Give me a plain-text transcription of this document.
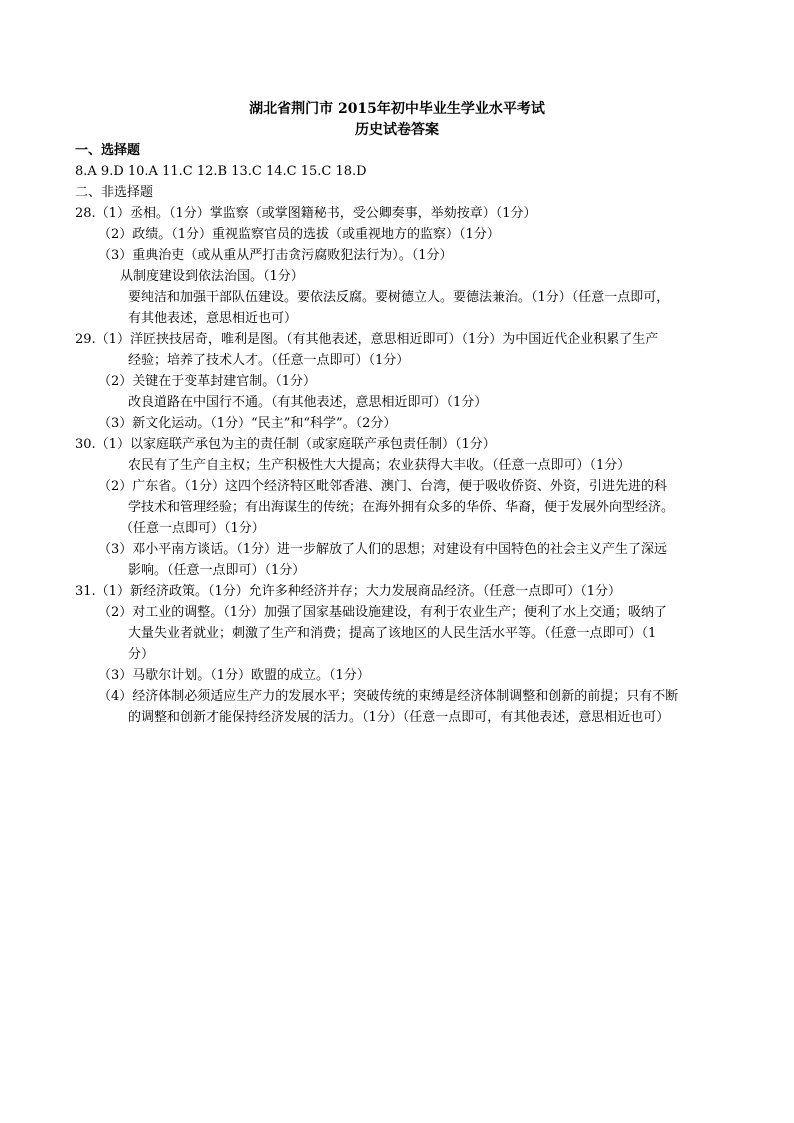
湖北省荆门市 2015年初中毕业生学业水平考试
历史试卷答案
一、选择题
8.A 9.D 10.A 11.C 12.B 13.C 14.C 15.C 18.D
二、非选择题
28.（1）丞相。（1分）掌监察（或掌图籍秘书，受公卿奏事，举劾按章）（1分）
（2）政绩。（1分）重视监察官员的选拔（或重视地方的监察）（1分）
（3）重典治吏（或从重从严打击贪污腐败犯法行为）。（1分）
从制度建设到依法治国。（1分）
要纯洁和加强干部队伍建设。要依法反腐。要树德立人。要德法兼治。（1分）（任意一点即可，
有其他表述，意思相近也可）
29.（1）洋匠挟技居奇，唯利是图。（有其他表述，意思相近即可）（1分）为中国近代企业积累了生产
经验；培养了技术人才。（任意一点即可）（1分）
（2）关键在于变革封建官制。（1分）
改良道路在中国行不通。（有其他表述，意思相近即可）（1分）
（3）新文化运动。（1分）“民主”和“科学”。（2分）
30.（1）以家庭联产承包为主的责任制（或家庭联产承包责任制）（1分）
农民有了生产自主权；生产积极性大大提高；农业获得大丰收。（任意一点即可）（1分）
（2）广东省。（1分）这四个经济特区毗邻香港、澳门、台湾，便于吸收侨资、外资，引进先进的科
学技术和管理经验；有出海谋生的传统；在海外拥有众多的华侨、华裔，便于发展外向型经济。
（任意一点即可）（1分）
（3）邓小平南方谈话。（1分）进一步解放了人们的思想；对建设有中国特色的社会主义产生了深远
影响。（任意一点即可）（1分）
31.（1）新经济政策。（1分）允许多种经济并存；大力发展商品经济。（任意一点即可）（1分）
（2）对工业的调整。（1分）加强了国家基础设施建设，有利于农业生产；便利了水上交通；吸纳了
大量失业者就业；刺激了生产和消费；提高了该地区的人民生活水平等。（任意一点即可）（1
分）
（3）马歇尔计划。（1分）欧盟的成立。（1分）
（4）经济体制必须适应生产力的发展水平；突破传统的束缚是经济体制调整和创新的前提；只有不断
的调整和创新才能保持经济发展的活力。（1分）（任意一点即可，有其他表述，意思相近也可）
